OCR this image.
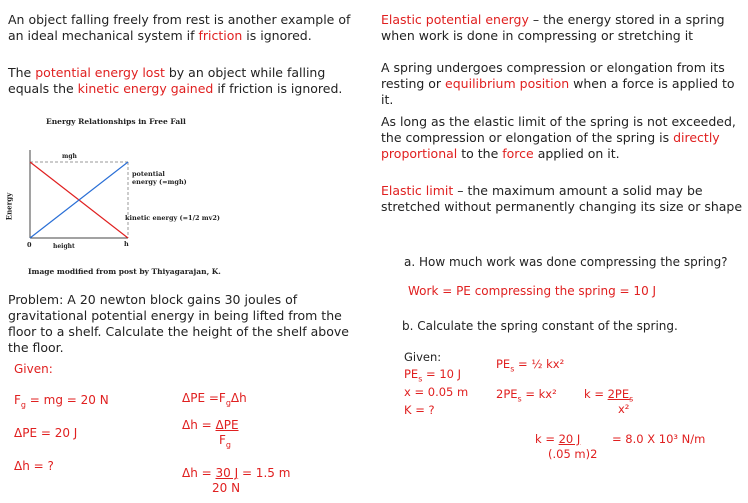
An object falling freely from rest is another example of an ideal mechanical system if friction is ignored.
The potential energy lost by an object while falling equals the kinetic energy gained if friction is ignored.
Energy Relationships in Free Fall
Energy
mgh
potential
energy (=mgh)
kinetic energy (=1/2 mv2)
0	height	h
Image modified from post by Thiyagarajan, K.
Problem: A 20 newton block gains 30 joules of gravitational potential energy in being lifted from the floor to a shelf. Calculate the height of the shelf above the floor.
Given:
$F_g$ = mg = 20 N
ΔPE = 20 J
Δh = ?
$\Delta PE =F_g\Delta h$
Δh = ΔPE
$F_g$
Δh = 30 J = 1.5 m
20 N
Elastic potential energy – the energy stored in a spring when work is done in compressing or stretching it
A spring undergoes compression or elongation from its resting or equilibrium position when a force is applied to it.
As long as the elastic limit of the spring is not exceeded, the compression or elongation of the spring is directly proportional to the force applied on it.
Elastic limit – the maximum amount a solid may be stretched without permanently changing its size or shape
a. How much work was done compressing the spring?
Work = PE compressing the spring = 10 J
b. Calculate the spring constant of the spring.
Given:
$PE_s = 10$ J
x = 0.05 m
K = ?
$PE_s$ = ½ kx²
$2PE_s = kx^2$ $k = 2PE_s$
x²
k = 20 J
(.05 m)2
= 8.0 X 10³ N/m
